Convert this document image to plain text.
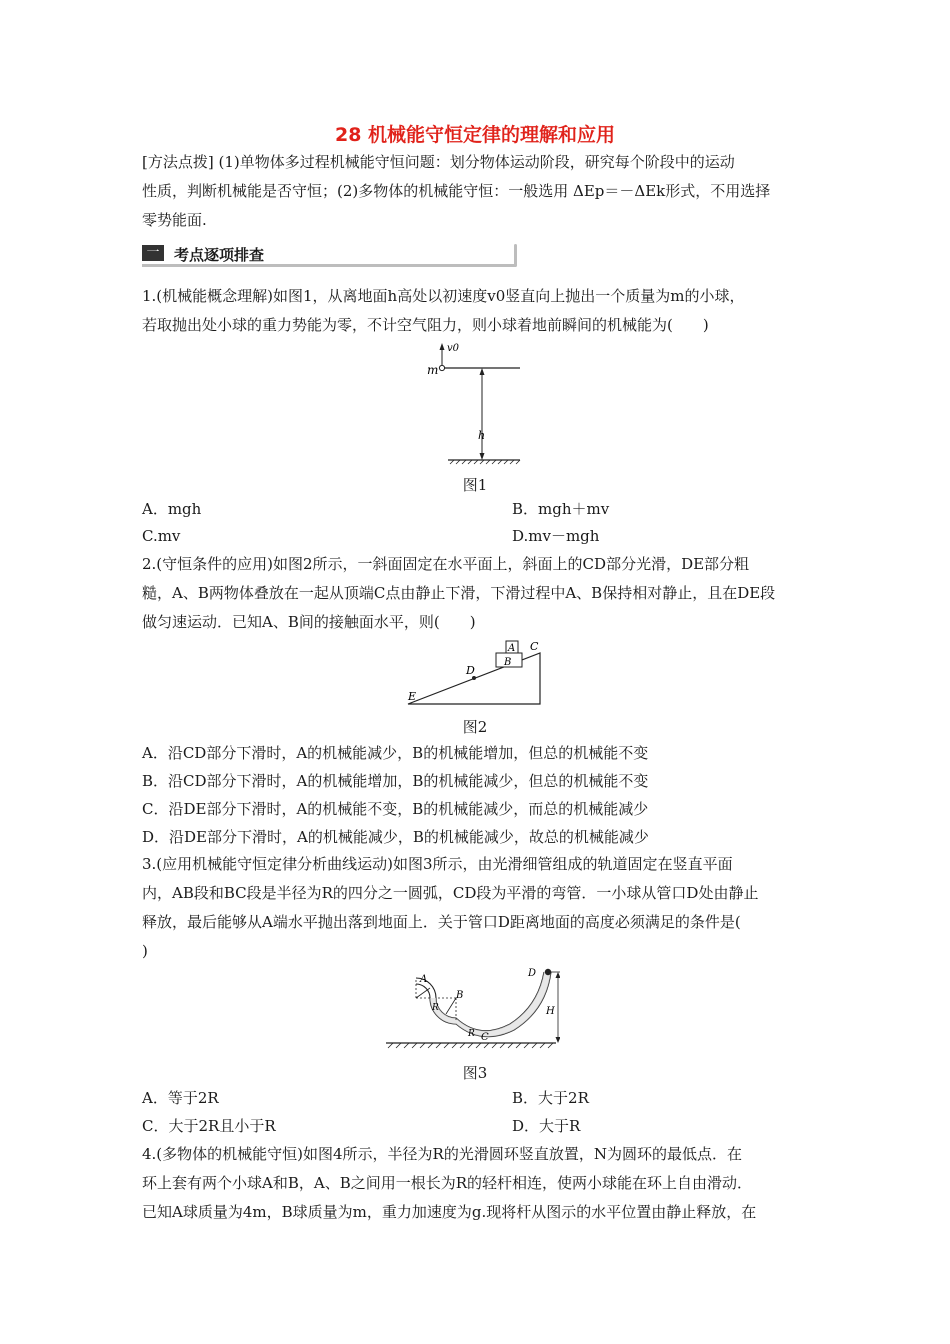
28 机械能守恒定律的理解和应用
[方法点拨] (1)单物体多过程机械能守恒问题：划分物体运动阶段，研究每个阶段中的运动
性质，判断机械能是否守恒；(2)多物体的机械能守恒：一般选用 ΔEp＝－ΔEk形式，不用选择
零势能面.
一 考点逐项排查
1.(机械能概念理解)如图1，从离地面h高处以初速度v0竖直向上抛出一个质量为m的小球，
若取抛出处小球的重力势能为零，不计空气阻力，则小球着地前瞬间的机械能为(　　)
v0
m
h
图1
A．mgh	B．mgh＋mv
C.mv	D.mv－mgh
2.(守恒条件的应用)如图2所示，一斜面固定在水平面上，斜面上的CD部分光滑，DE部分粗
糙，A、B两物体叠放在一起从顶端C点由静止下滑，下滑过程中A、B保持相对静止，且在DE段
做匀速运动．已知A、B间的接触面水平，则(　　)
A
B
C
D
E
图2
A．沿CD部分下滑时，A的机械能减少，B的机械能增加，但总的机械能不变
B．沿CD部分下滑时，A的机械能增加，B的机械能减少，但总的机械能不变
C．沿DE部分下滑时，A的机械能不变，B的机械能减少，而总的机械能减少
D．沿DE部分下滑时，A的机械能减少，B的机械能减少，故总的机械能减少
3.(应用机械能守恒定律分析曲线运动)如图3所示，由光滑细管组成的轨道固定在竖直平面
内，AB段和BC段是半径为R的四分之一圆弧，CD段为平滑的弯管．一小球从管口D处由静止
释放，最后能够从A端水平抛出落到地面上．关于管口D距离地面的高度必须满足的条件是(
)
A
B
C
D
R
R
H
图3
A．等于2R	B．大于2R
C．大于2R且小于R	D．大于R
4.(多物体的机械能守恒)如图4所示，半径为R的光滑圆环竖直放置，N为圆环的最低点．在
环上套有两个小球A和B，A、B之间用一根长为R的轻杆相连，使两小球能在环上自由滑动．
已知A球质量为4m，B球质量为m，重力加速度为g.现将杆从图示的水平位置由静止释放，在
